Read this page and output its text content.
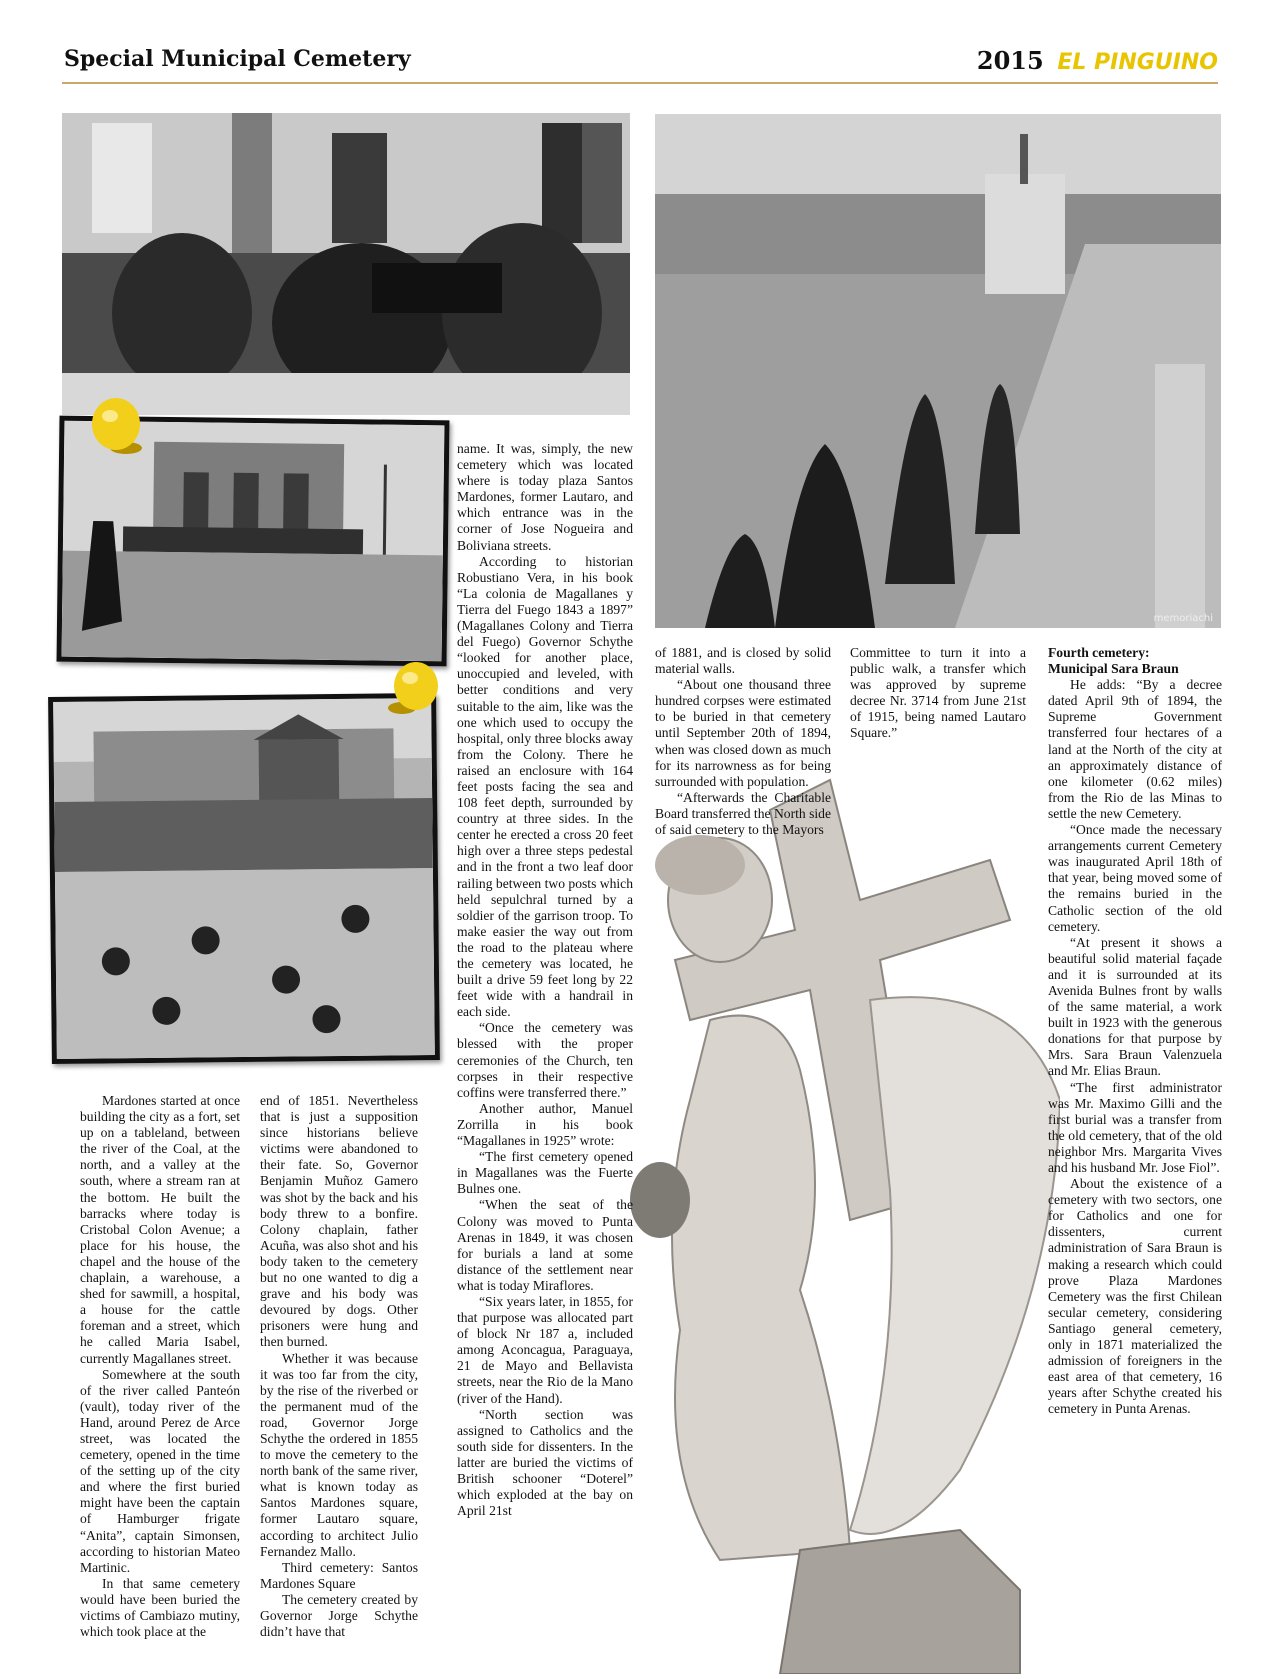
Special Municipal Cemetery	2015 EL PINGUINO
memoriachi

Mardones started at once building the city as a fort, set up on a tableland, between the river of the Coal, at the north, and a valley at the south, where a stream ran at the bottom. He built the barracks where today is Cristobal Colon Avenue; a place for his house, the chapel and the house of the chaplain, a warehouse, a shed for sawmill, a hospital, a house for the cattle foreman and a street, which he called Maria Isabel, currently Magallanes street.

Somewhere at the south of the river called Panteón (vault), today river of the Hand, around Perez de Arce street, was located the cemetery, opened in the time of the setting up of the city and where the first buried might have been the captain of Hamburger frigate “Anita”, captain Simonsen, according to historian Mateo Martinic.

In that same cemetery would have been buried the victims of Cambiazo mutiny, which took place at the

end of 1851. Nevertheless that is just a supposition since historians believe victims were abandoned to their fate. So, Governor Benjamin Muñoz Gamero was shot by the back and his body threw to a bonfire. Colony chaplain, father Acuña, was also shot and his body taken to the cemetery but no one wanted to dig a grave and his body was devoured by dogs. Other prisoners were hung and then burned.

Whether it was because it was too far from the city, by the rise of the riverbed or the permanent mud of the road, Governor Jorge Schythe the ordered in 1855 to move the cemetery to the north bank of the same river, what is known today as Santos Mardones square, former Lautaro square, according to architect Julio Fernandez Mallo.

Third cemetery: Santos Mardones Square

The cemetery created by Governor Jorge Schythe didn’t have that

name. It was, simply, the new cemetery which was located where is today plaza Santos Mardones, former Lautaro, and which entrance was in the corner of Jose Nogueira and Boliviana streets.

According to historian Robustiano Vera, in his book “La colonia de Magallanes y Tierra del Fuego 1843 a 1897” (Magallanes Colony and Tierra del Fuego) Governor Schythe “looked for another place, unoccupied and leveled, with better conditions and very suitable to the aim, like was the one which used to occupy the hospital, only three blocks away from the Colony. There he raised an enclosure with 164 feet posts facing the sea and 108 feet depth, surrounded by country at three sides. In the center he erected a cross 20 feet high over a three steps pedestal and in the front a two leaf door railing between two posts which held sepulchral turned by a soldier of the garrison troop. To make easier the way out from the road to the plateau where the cemetery was located, he built a drive 59 feet long by 22 feet wide with a handrail in each side.

“Once the cemetery was blessed with the proper ceremonies of the Church, ten corpses in their respective coffins were transferred there.”

Another author, Manuel Zorrilla in his book “Magallanes in 1925” wrote:

“The first cemetery opened in Magallanes was the Fuerte Bulnes one.

“When the seat of the Colony was moved to Punta Arenas in 1849, it was chosen for burials a land at some distance of the settlement near what is today Miraflores.

“Six years later, in 1855, for that purpose was allocated part of block Nr 187 a, included among Aconcagua, Paraguaya, 21 de Mayo and Bellavista streets, near the Rio de la Mano (river of the Hand).

“North section was assigned to Catholics and the south side for dissenters. In the latter are buried the victims of British schooner “Doterel” which exploded at the bay on April 21st

of 1881, and is closed by solid material walls.

“About one thousand three hundred corpses were estimated to be buried in that cemetery until September 20th of 1894, when was closed down as much for its narrowness as for being surrounded with population.

“Afterwards the Charitable Board transferred the North side of said cemetery to the Mayors

Committee to turn it into a public walk, a transfer which was approved by supreme decree Nr. 3714 from June 21st of 1915, being named Lautaro Square.”

Fourth cemetery:

Municipal Sara Braun

He adds: “By a decree dated April 9th of 1894, the Supreme Government transferred four hectares of a land at the North of the city at an approximately distance of one kilometer (0.62 miles) from the Rio de las Minas to settle the new Cemetery.

“Once made the necessary arrangements current Cemetery was inaugurated April 18th of that year, being moved some of the remains buried in the Catholic section of the old cemetery.

“At present it shows a beautiful solid material façade and it is surrounded at its Avenida Bulnes front by walls of the same material, a work built in 1923 with the generous donations for that purpose by Mrs. Sara Braun Valenzuela and Mr. Elias Braun.

“The first administrator was Mr. Maximo Gilli and the first burial was a transfer from the old cemetery, that of the old neighbor Mrs. Margarita Vives and his husband Mr. Jose Fiol”.

About the existence of a cemetery with two sectors, one for Catholics and one for dissenters, current administration of Sara Braun is making a research which could prove Plaza Mardones Cemetery was the first Chilean secular cemetery, considering Santiago general cemetery, only in 1871 materialized the admission of foreigners in the east area of that cemetery, 16 years after Schythe created his cemetery in Punta Arenas.
